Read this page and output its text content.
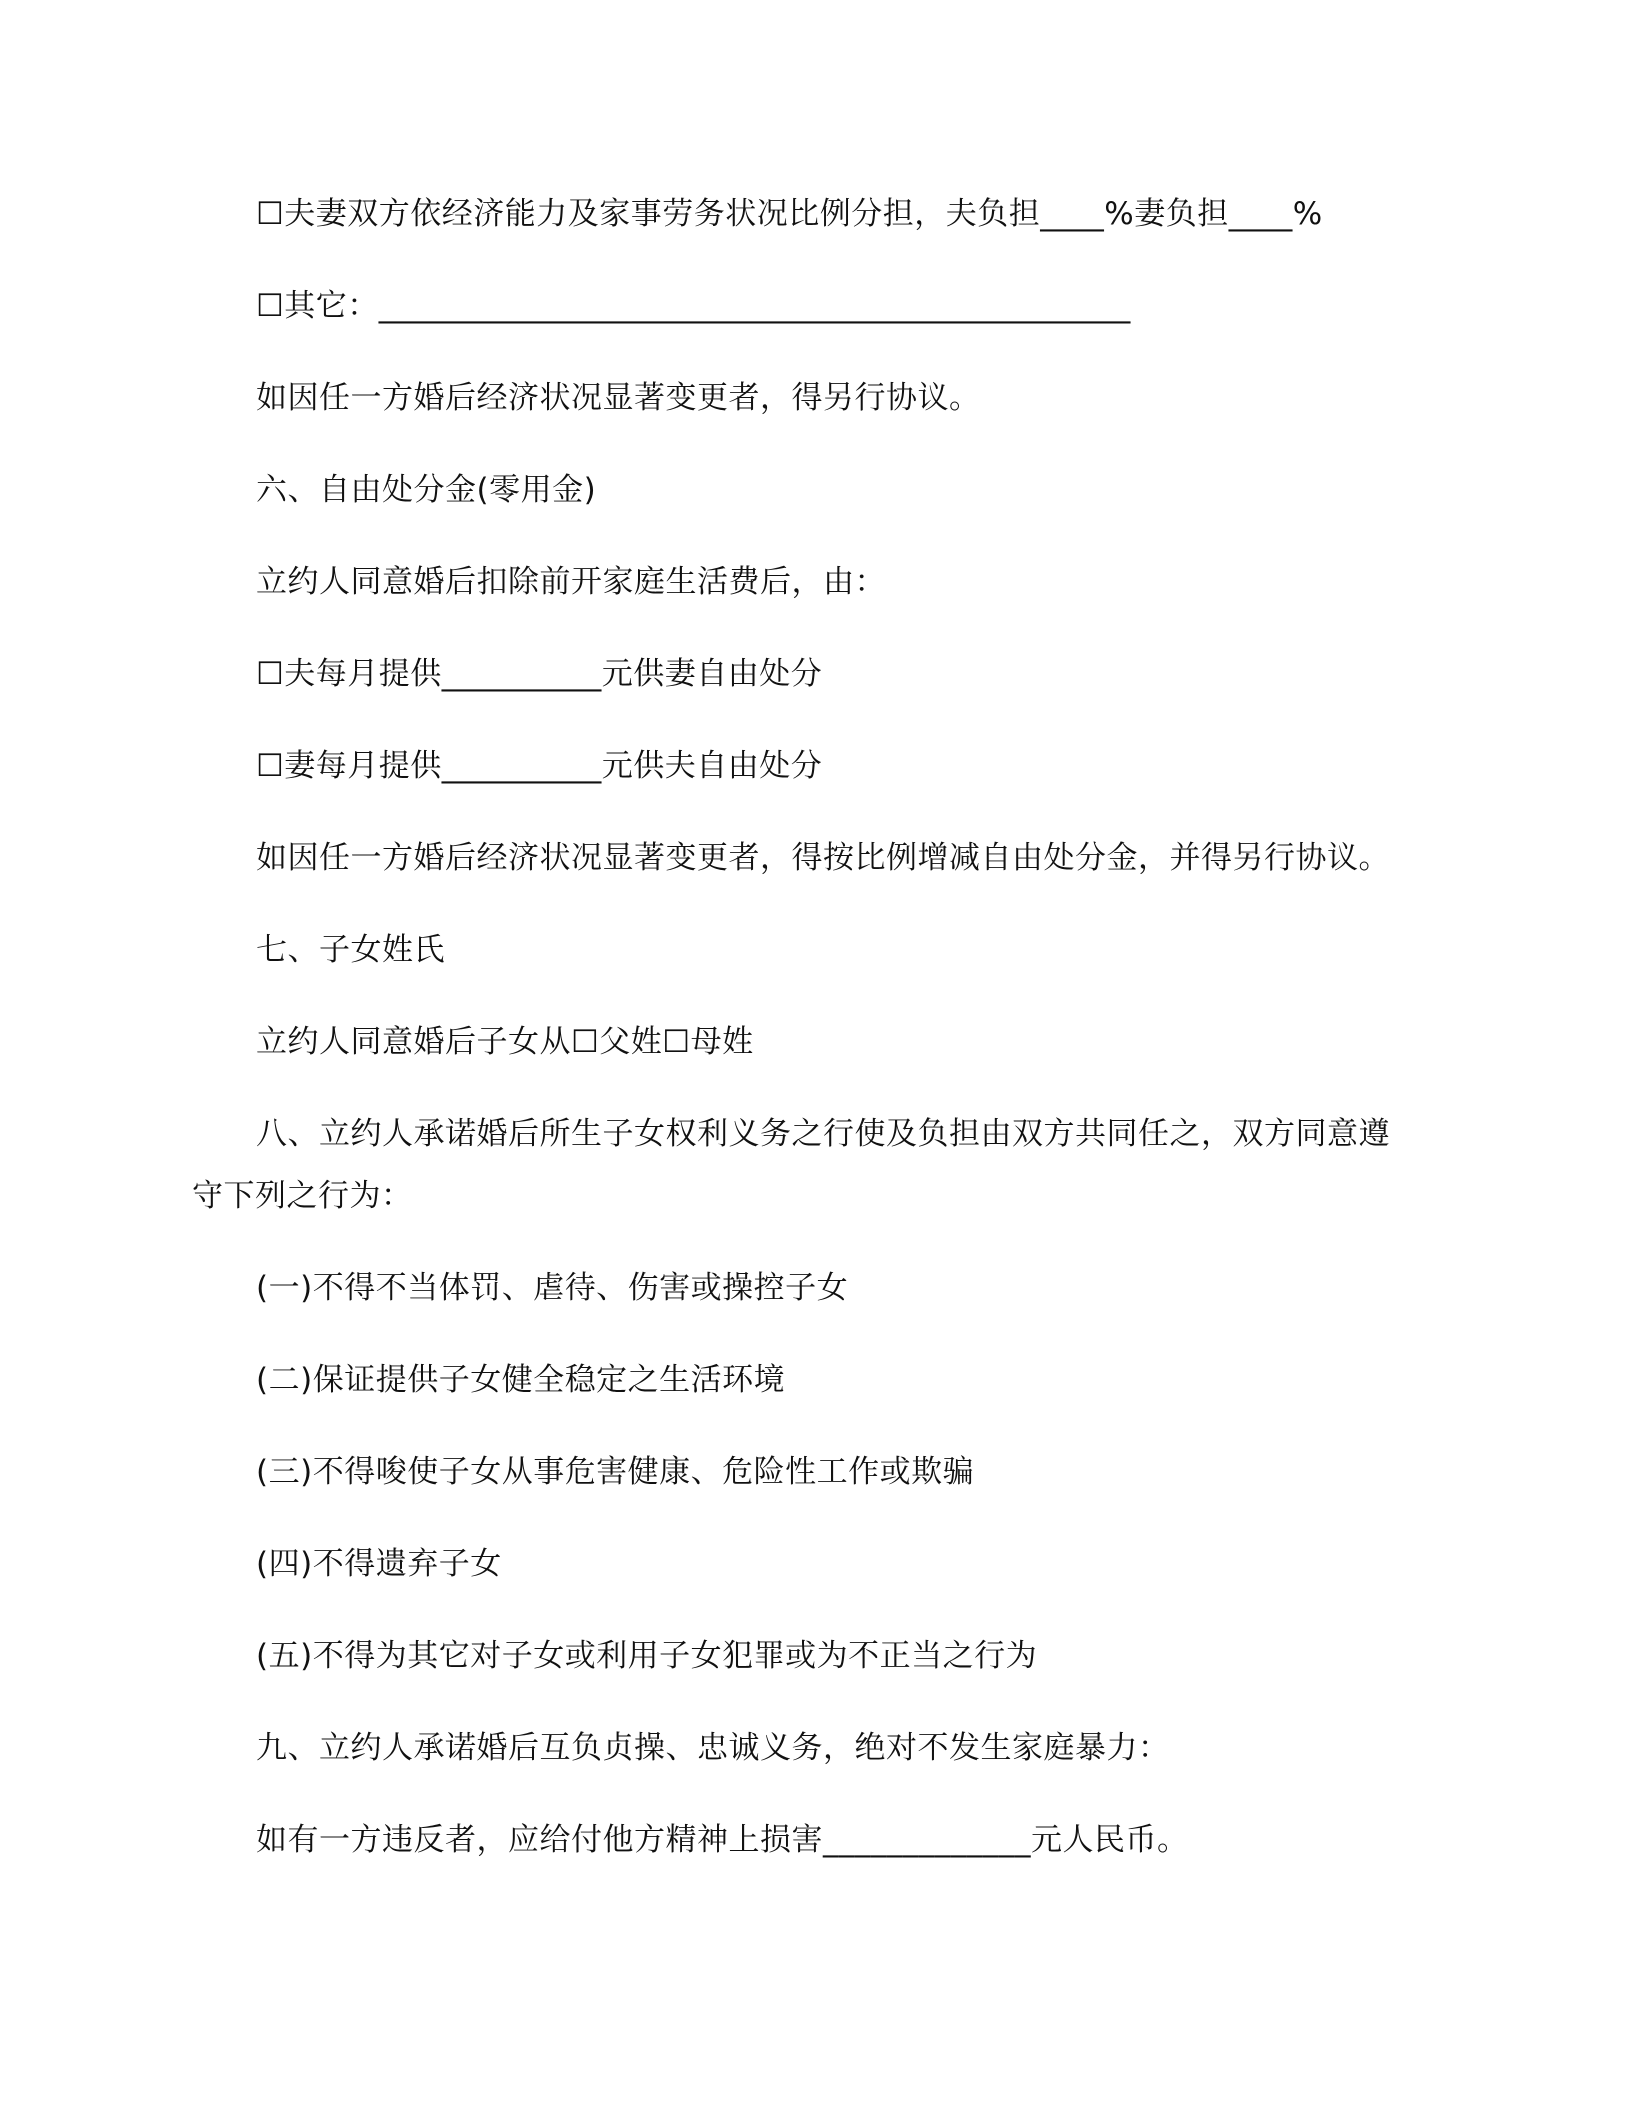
☐夫妻双方依经济能力及家事劳务状况比例分担，夫负担____%妻负担____%
☐其它：_______________________________________________
如因任一方婚后经济状况显著变更者，得另行协议。
六、自由处分金(零用金)
立约人同意婚后扣除前开家庭生活费后，由：
☐夫每月提供__________元供妻自由处分
☐妻每月提供__________元供夫自由处分
如因任一方婚后经济状况显著变更者，得按比例增减自由处分金，并得另行协议。
七、子女姓氏
立约人同意婚后子女从☐父姓☐母姓
八、立约人承诺婚后所生子女权利义务之行使及负担由双方共同任之，双方同意遵
守下列之行为：
(一)不得不当体罚、虐待、伤害或操控子女
(二)保证提供子女健全稳定之生活环境
(三)不得唆使子女从事危害健康、危险性工作或欺骗
(四)不得遗弃子女
(五)不得为其它对子女或利用子女犯罪或为不正当之行为
九、立约人承诺婚后互负贞操、忠诚义务，绝对不发生家庭暴力：
如有一方违反者，应给付他方精神上损害_____________元人民币。
